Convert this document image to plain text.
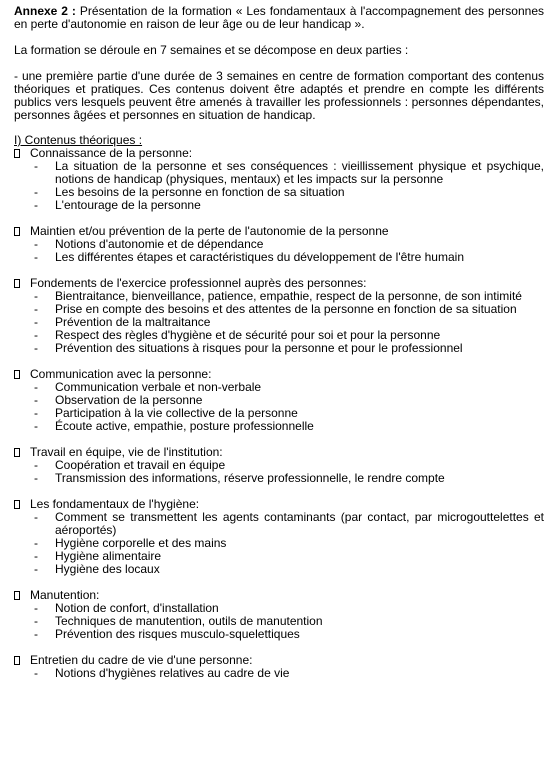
Annexe 2 : Présentation de la formation « Les fondamentaux à l'accompagnement des personnes en perte d'autonomie en raison de leur âge ou de leur handicap ».

La formation se déroule en 7 semaines et se décompose en deux parties :

- une première partie d'une durée de 3 semaines en centre de formation comportant des contenus théoriques et pratiques. Ces contenus doivent être adaptés et prendre en compte les différents publics vers lesquels peuvent être amenés à travailler les professionnels : personnes dépendantes, personnes âgées et personnes en situation de handicap.

I) Contenus théoriques :

Connaissance de la personne:
-	La situation de la personne et ses conséquences : vieillissement physique et psychique, notions de handicap (physiques, mentaux) et les impacts sur la personne
-	Les besoins de la personne en fonction de sa situation
-	L'entourage de la personne
Maintien et/ou prévention de la perte de l'autonomie de la personne
-	Notions d'autonomie et de dépendance
-	Les différentes étapes et caractéristiques du développement de l'être humain
Fondements de l'exercice professionnel auprès des personnes:
-	Bientraitance, bienveillance, patience, empathie, respect de la personne, de son intimité
-	Prise en compte des besoins et des attentes de la personne en fonction de sa situation
-	Prévention de la maltraitance
-	Respect des règles d'hygiène et de sécurité pour soi et pour la personne
-	Prévention des situations à risques pour la personne et pour le professionnel
Communication avec la personne:
-	Communication verbale et non-verbale
-	Observation de la personne
-	Participation à la vie collective de la personne
-	Écoute active, empathie, posture professionnelle
Travail en équipe, vie de l'institution:
-	Coopération et travail en équipe
-	Transmission des informations, réserve professionnelle, le rendre compte
Les fondamentaux de l'hygiène:
-	Comment se transmettent les agents contaminants (par contact, par microgouttelettes et aéroportés)
-	Hygiène corporelle et des mains
-	Hygiène alimentaire
-	Hygiène des locaux
Manutention:
-	Notion de confort, d'installation
-	Techniques de manutention, outils de manutention
-	Prévention des risques musculo-squelettiques
Entretien du cadre de vie d'une personne:
-	Notions d'hygiènes relatives au cadre de vie
